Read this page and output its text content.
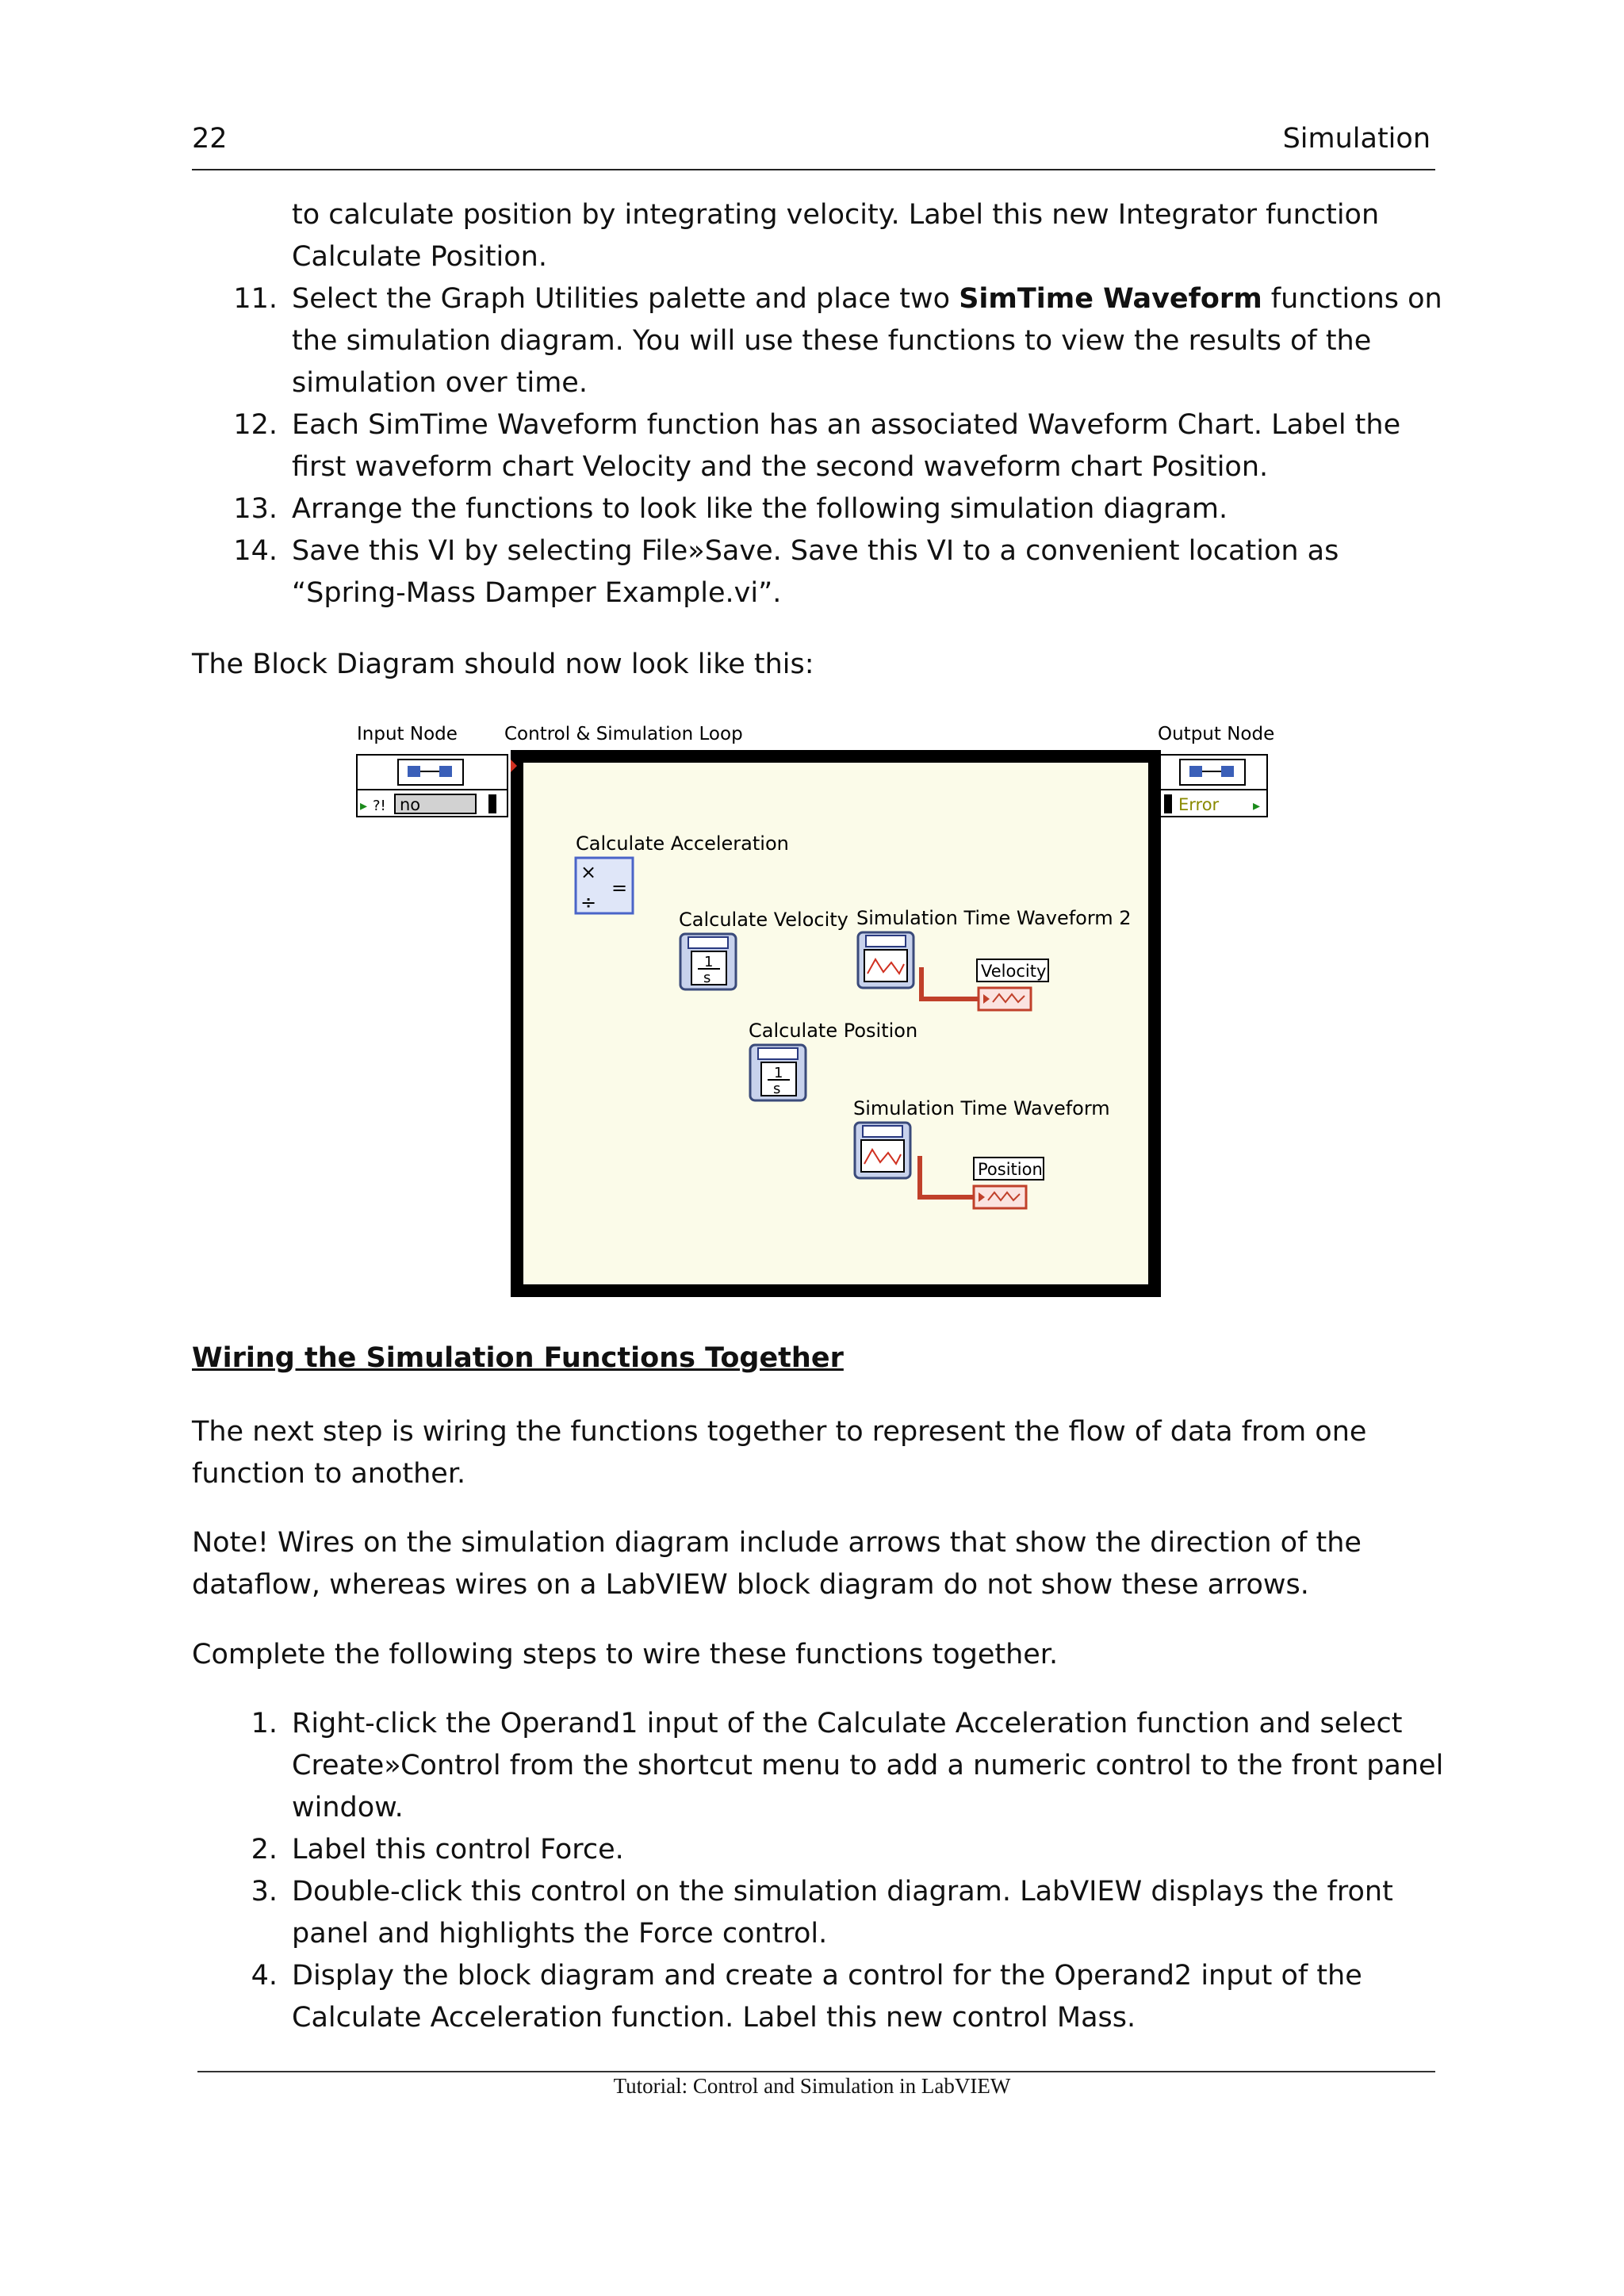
22	Simulation
to calculate position by integrating velocity. Label this new Integrator function Calculate Position.
11. Select the Graph Utilities palette and place two SimTime Waveform functions on the simulation diagram. You will use these functions to view the results of the simulation over time.
12. Each SimTime Waveform function has an associated Waveform Chart. Label the first waveform chart Velocity and the second waveform chart Position.
13. Arrange the functions to look like the following simulation diagram.
14. Save this VI by selecting File»Save. Save this VI to a convenient location as “Spring-Mass Damper Example.vi”.
The Block Diagram should now look like this:
Input Node	Control & Simulation Loop	Output Node
▸ ?! no	Error ▸
Calculate Acceleration
×
÷
=
Calculate Velocity
1
s
Simulation Time Waveform 2
Velocity
Calculate Position
1
s
Simulation Time Waveform
Position
Wiring the Simulation Functions Together
The next step is wiring the functions together to represent the flow of data from one function to another.
Note! Wires on the simulation diagram include arrows that show the direction of the dataflow, whereas wires on a LabVIEW block diagram do not show these arrows.
Complete the following steps to wire these functions together.
1. Right-click the Operand1 input of the Calculate Acceleration function and select Create»Control from the shortcut menu to add a numeric control to the front panel window.
2. Label this control Force.
3. Double-click this control on the simulation diagram. LabVIEW displays the front panel and highlights the Force control.
4. Display the block diagram and create a control for the Operand2 input of the Calculate Acceleration function. Label this new control Mass.
Tutorial: Control and Simulation in LabVIEW
